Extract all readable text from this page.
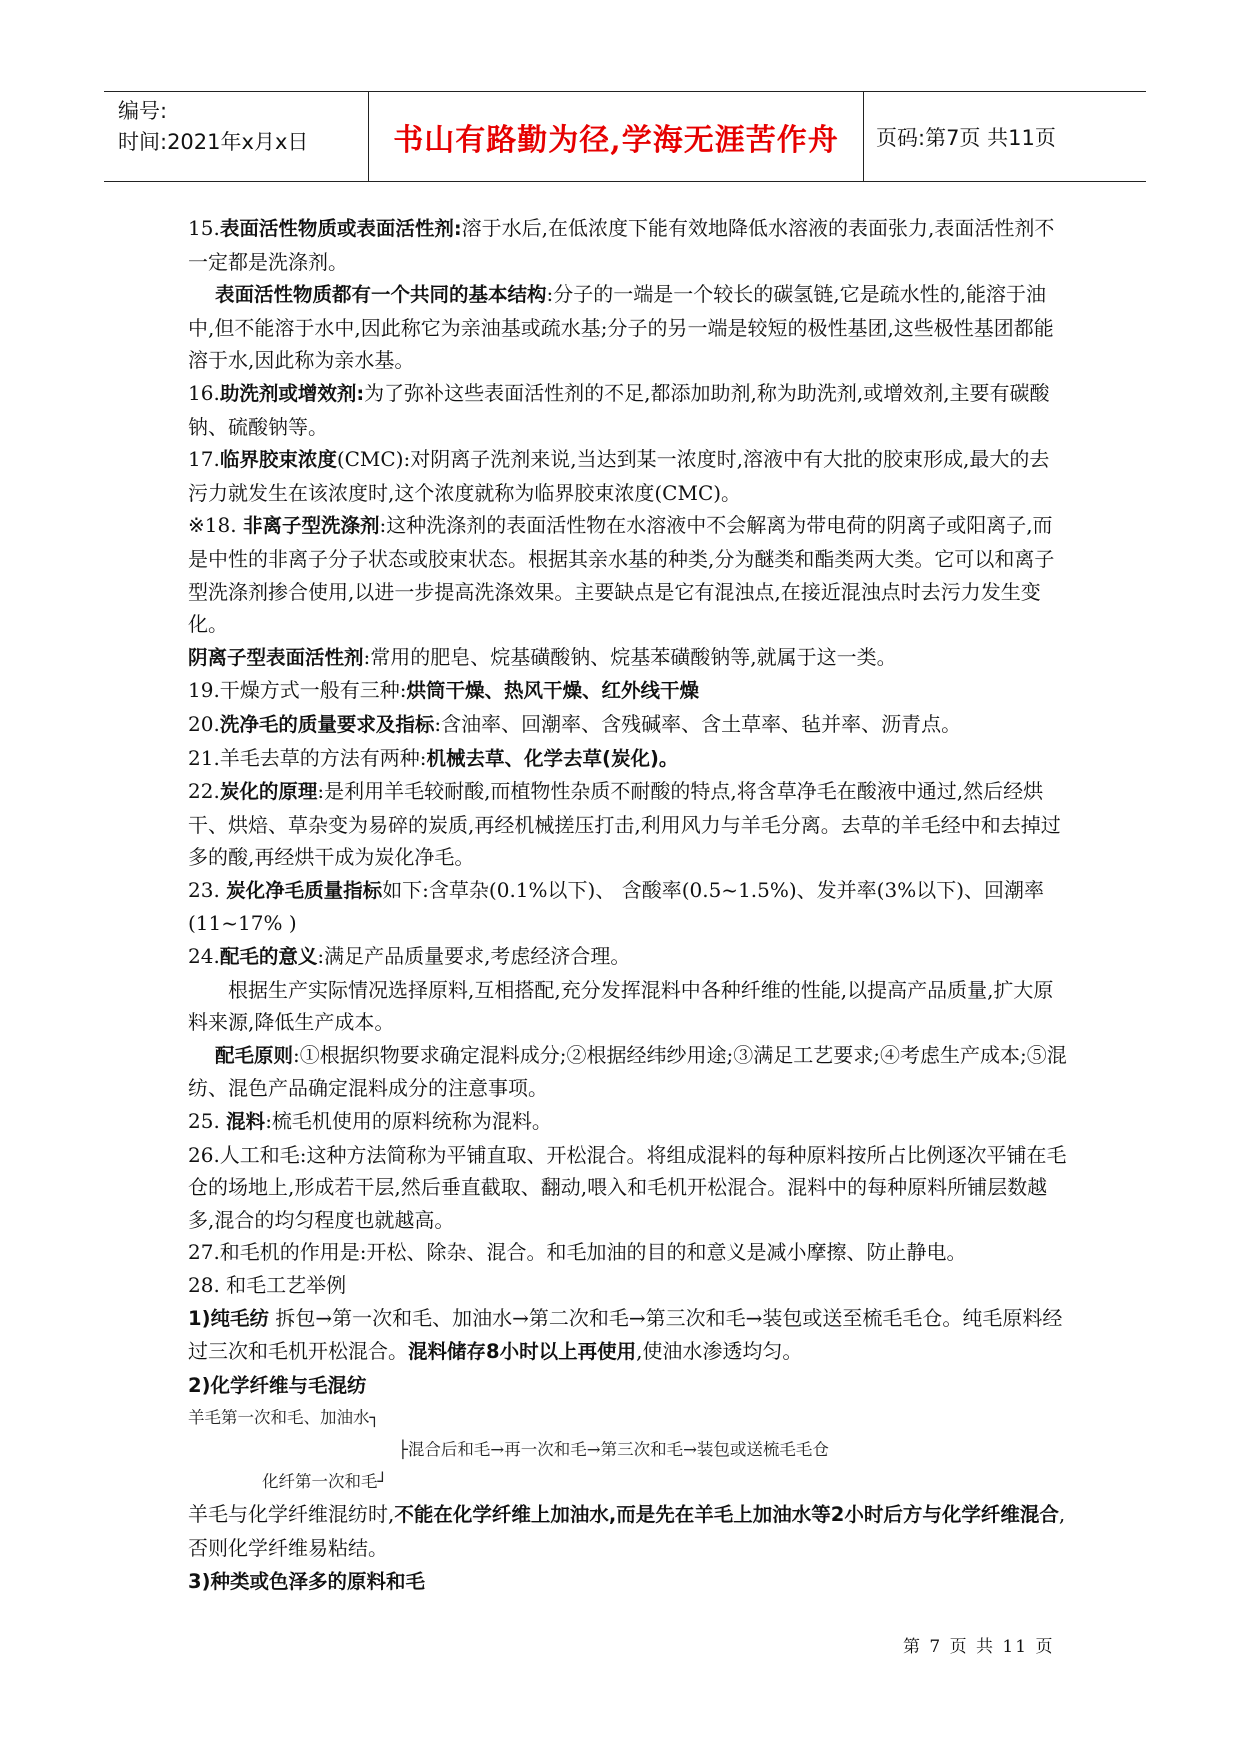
编号:
时间:2021年x月x日	书山有路勤为径,学海无涯苦作舟	页码:第7页 共11页

15.表面活性物质或表面活性剂:溶于水后,在低浓度下能有效地降低水溶液的表面张力,表面活性剂不一定都是洗涤剂。

表面活性物质都有一个共同的基本结构:分子的一端是一个较长的碳氢链,它是疏水性的,能溶于油中,但不能溶于水中,因此称它为亲油基或疏水基;分子的另一端是较短的极性基团,这些极性基团都能溶于水,因此称为亲水基。

16.助洗剂或增效剂:为了弥补这些表面活性剂的不足,都添加助剂,称为助洗剂,或增效剂,主要有碳酸钠、硫酸钠等。

17.临界胶束浓度(CMC):对阴离子洗剂来说,当达到某一浓度时,溶液中有大批的胶束形成,最大的去污力就发生在该浓度时,这个浓度就称为临界胶束浓度(CMC)。

※18. 非离子型洗涤剂:这种洗涤剂的表面活性物在水溶液中不会解离为带电荷的阴离子或阳离子,而是中性的非离子分子状态或胶束状态。根据其亲水基的种类,分为醚类和酯类两大类。它可以和离子型洗涤剂掺合使用,以进一步提高洗涤效果。主要缺点是它有混浊点,在接近混浊点时去污力发生变化。

阴离子型表面活性剂:常用的肥皂、烷基磺酸钠、烷基苯磺酸钠等,就属于这一类。

19.干燥方式一般有三种:烘筒干燥、热风干燥、红外线干燥

20.洗净毛的质量要求及指标:含油率、回潮率、含残碱率、含土草率、毡并率、沥青点。

21.羊毛去草的方法有两种:机械去草、化学去草(炭化)。

22.炭化的原理:是利用羊毛较耐酸,而植物性杂质不耐酸的特点,将含草净毛在酸液中通过,然后经烘干、烘焙、草杂变为易碎的炭质,再经机械搓压打击,利用风力与羊毛分离。去草的羊毛经中和去掉过多的酸,再经烘干成为炭化净毛。

23. 炭化净毛质量指标如下:含草杂(0.1%以下)、 含酸率(0.5~1.5%)、发并率(3%以下)、回潮率(11~17% )

24.配毛的意义:满足产品质量要求,考虑经济合理。

根据生产实际情况选择原料,互相搭配,充分发挥混料中各种纤维的性能,以提高产品质量,扩大原料来源,降低生产成本。

配毛原则:①根据织物要求确定混料成分;②根据经纬纱用途;③满足工艺要求;④考虑生产成本;⑤混纺、混色产品确定混料成分的注意事项。

25. 混料:梳毛机使用的原料统称为混料。

26.人工和毛:这种方法简称为平铺直取、开松混合。将组成混料的每种原料按所占比例逐次平铺在毛仓的场地上,形成若干层,然后垂直截取、翻动,喂入和毛机开松混合。混料中的每种原料所铺层数越多,混合的均匀程度也就越高。

27.和毛机的作用是:开松、除杂、混合。和毛加油的目的和意义是减小摩擦、防止静电。

28. 和毛工艺举例

1)纯毛纺 拆包→第一次和毛、加油水→第二次和毛→第三次和毛→装包或送至梳毛毛仓。纯毛原料经过三次和毛机开松混合。混料储存8小时以上再使用,使油水渗透均匀。

2)化学纤维与毛混纺

羊毛第一次和毛、加油水┐
├混合后和毛→再一次和毛→第三次和毛→装包或送梳毛毛仓
化纤第一次和毛┘

羊毛与化学纤维混纺时,不能在化学纤维上加油水,而是先在羊毛上加油水等2小时后方与化学纤维混合,否则化学纤维易粘结。

3)种类或色泽多的原料和毛

第 7 页 共 11 页
